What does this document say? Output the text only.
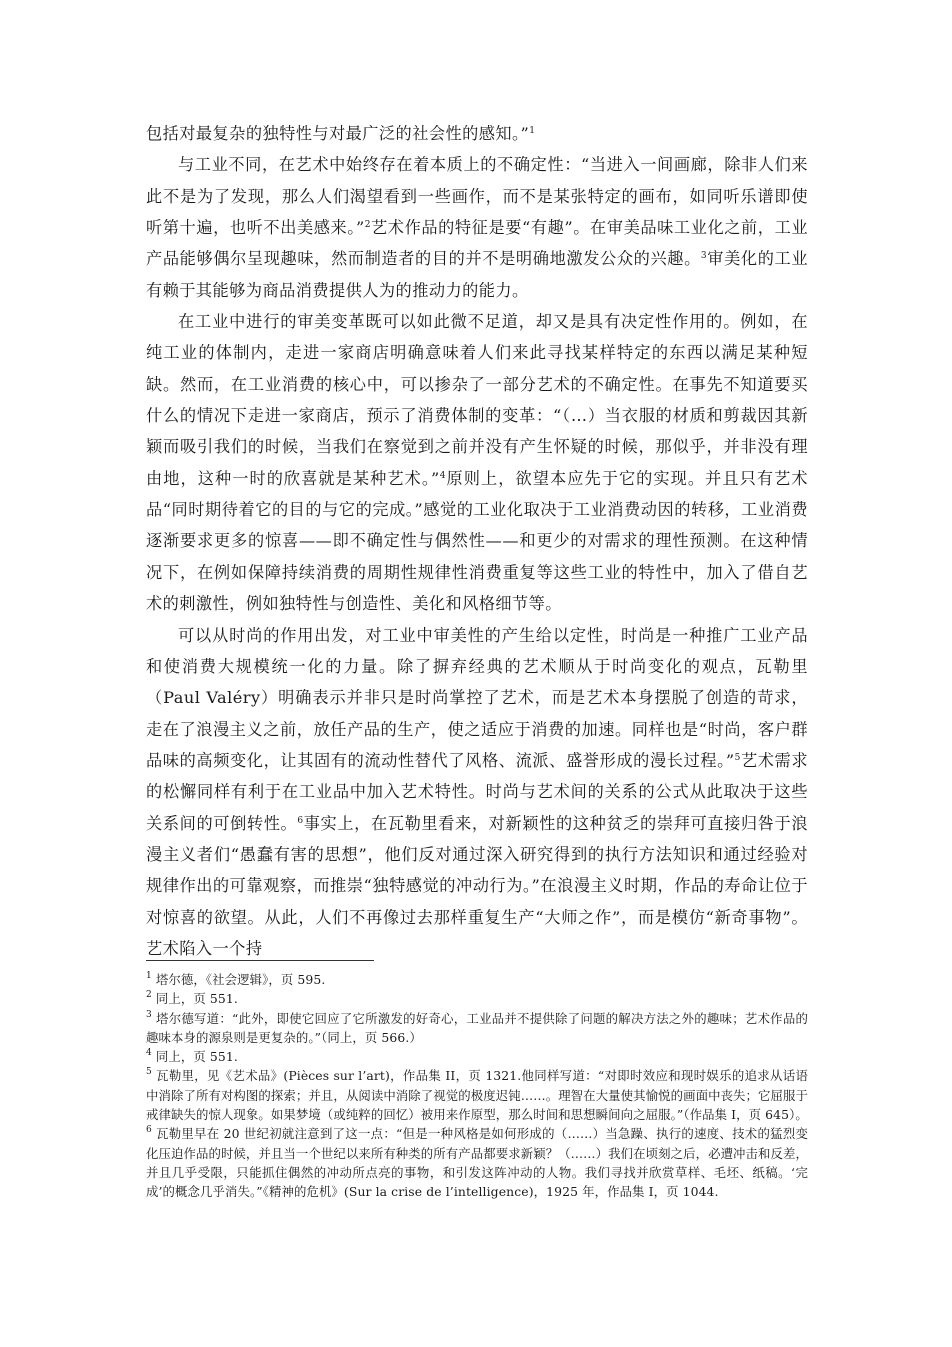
包括对最复杂的独特性与对最广泛的社会性的感知。”$^1$

与工业不同，在艺术中始终存在着本质上的不确定性：“当进入一间画廊，除非人们来此不是为了发现，那么人们渴望看到一些画作，而不是某张特定的画布，如同听乐谱即使听第十遍，也听不出美感来。”$^2$艺术作品的特征是要“有趣”。在审美品味工业化之前，工业产品能够偶尔呈现趣味，然而制造者的目的并不是明确地激发公众的兴趣。$^3$审美化的工业有赖于其能够为商品消费提供人为的推动力的能力。

在工业中进行的审美变革既可以如此微不足道，却又是具有决定性作用的。例如，在纯工业的体制内，走进一家商店明确意味着人们来此寻找某样特定的东西以满足某种短缺。然而，在工业消费的核心中，可以掺杂了一部分艺术的不确定性。在事先不知道要买什么的情况下走进一家商店，预示了消费体制的变革：“（…）当衣服的材质和剪裁因其新颖而吸引我们的时候，当我们在察觉到之前并没有产生怀疑的时候，那似乎，并非没有理由地，这种一时的欣喜就是某种艺术。”$^4$原则上，欲望本应先于它的实现。并且只有艺术品“同时期待着它的目的与它的完成。”感觉的工业化取决于工业消费动因的转移，工业消费逐渐要求更多的惊喜——即不确定性与偶然性——和更少的对需求的理性预测。在这种情况下，在例如保障持续消费的周期性规律性消费重复等这些工业的特性中，加入了借自艺术的刺激性，例如独特性与创造性、美化和风格细节等。

可以从时尚的作用出发，对工业中审美性的产生给以定性，时尚是一种推广工业产品和使消费大规模统一化的力量。除了摒弃经典的艺术顺从于时尚变化的观点，瓦勒里（Paul Valéry）明确表示并非只是时尚掌控了艺术，而是艺术本身摆脱了创造的苛求，走在了浪漫主义之前，放任产品的生产，使之适应于消费的加速。同样也是“时尚，客户群品味的高频变化，让其固有的流动性替代了风格、流派、盛誉形成的漫长过程。”$^5$艺术需求的松懈同样有利于在工业品中加入艺术特性。时尚与艺术间的关系的公式从此取决于这些关系间的可倒转性。$^6$事实上，在瓦勒里看来，对新颖性的这种贫乏的崇拜可直接归咎于浪漫主义者们“愚蠢有害的思想”，他们反对通过深入研究得到的执行方法知识和通过经验对规律作出的可靠观察，而推崇“独特感觉的冲动行为。”在浪漫主义时期，作品的寿命让位于对惊喜的欲望。从此，人们不再像过去那样重复生产“大师之作”，而是模仿“新奇事物”。艺术陷入一个持

$^1$ 塔尔德，《社会逻辑》，页 595.

$^2$ 同上，页 551.

$^3$ 塔尔德写道：“此外，即使它回应了它所激发的好奇心，工业品并不提供除了问题的解决方法之外的趣味；艺术作品的趣味本身的源泉则是更复杂的。”（同上，页 566.）

$^4$ 同上，页 551.

$^5$ 瓦勒里，见《艺术品》(Pièces sur l’art)，作品集 II，页 1321.他同样写道：“对即时效应和现时娱乐的追求从话语中消除了所有对构图的探索；并且，从阅读中消除了视觉的极度迟钝……。理智在大量使其愉悦的画面中丧失；它屈服于戒律缺失的惊人现象。如果梦境（或纯粹的回忆）被用来作原型，那么时间和思想瞬间向之屈服。”（作品集 I，页 645）。

$^6$ 瓦勒里早在 20 世纪初就注意到了这一点：“但是一种风格是如何形成的（……）当急躁、执行的速度、技术的猛烈变化压迫作品的时候，并且当一个世纪以来所有种类的所有产品都要求新颖？（……）我们在顷刻之后，必遭冲击和反差，并且几乎受限，只能抓住偶然的冲动所点亮的事物，和引发这阵冲动的人物。我们寻找并欣赏草样、毛坯、纸稿。‘完成’的概念几乎消失。”《精神的危机》(Sur la crise de l’intelligence)，1925 年，作品集 I，页 1044.
